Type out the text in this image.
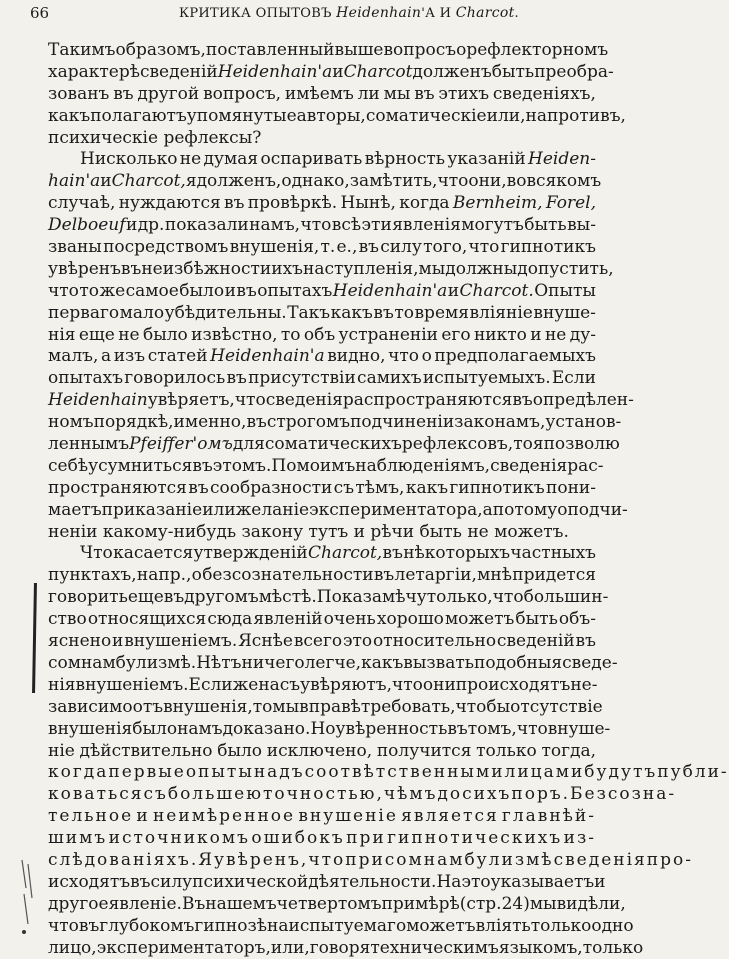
66	КРИТИКА ОПЫТОВЪ Heidenhain'А И Charcot.
Такимъ образомъ, поставленный выше вопросъ о рефлекторномъ
характерѣ сведеній Heidenhain'а и Charcot долженъ быть преобра-
зованъ въ другой вопросъ, имѣемъ ли мы въ этихъ сведеніяхъ,
какъ полагаютъ упомянутые авторы, соматическіе или, напротивъ,
психическіе рефлексы?
Нисколько не думая оспаривать вѣрность указаній Heiden-
hain'а и Charcot, я долженъ, однако, замѣтить, что они, во всякомъ
случаѣ, нуждаются въ провѣркѣ. Нынѣ, когда Bernheim, Forel,
Delboeuf и др. показали намъ, что всѣ эти явленія могутъ быть вы-
званы посредствомъ внушенія, т. е., въ силу того, что гипнотикъ
увѣренъ въ неизбѣжности ихъ наступленія, мы должны допустить,
что то же самое было и въ опытахъ Heidenhain'а и Charcot. Опыты
перваго мало убѣдительны. Такъ какъ въ то время вліяніе внуше-
нія еще не было извѣстно, то объ устраненіи его никто и не ду-
малъ, а изъ статей Heidenhain'а видно, что о предполагаемыхъ
опытахъ говорилось въ присутствіи самихъ испытуемыхъ. Если
Heidenhain увѣряетъ, что сведенія распространяются въ опредѣлен-
номъ порядкѣ, именно, въ строгомъ подчиненіи законамъ, установ-
леннымъ Pfeiffer'омъ для соматическихъ рефлексовъ, то я позволю
себѣ усумниться въ этомъ. По моимъ наблюденіямъ, сведенія рас-
пространяются въ сообразности съ тѣмъ, какъ гипнотикъ пони-
маетъ приказаніе или желаніе экспериментатора, а потому о подчи-
неніи какому-нибудь закону тутъ и рѣчи быть не можетъ.
Что касается утвержденій Charcot, въ нѣкоторыхъ частныхъ
пунктахъ, напр., о безсознательности въ летаргіи, мнѣ придется
говорить еще въ другомъ мѣстѣ. Пока замѣчу только, что большин-
ство относящихся сюда явленій очень хорошо можетъ быть объ-
яснено и внушеніемъ. Яснѣе всего это относительно сведеній въ
сомнамбулизмѣ. Нѣтъ ничего легче, какъ вызвать подобныя сведе-
нія внушеніемъ. Если же насъ увѣряютъ, что они происходятъ не-
зависимо отъ внушенія, то мы вправѣ требовать, чтобы отсутствіе
внушенія было намъ доказано. Но увѣренность въ томъ, что внуше-
ніе дѣйствительно было исключено, получится только тогда,
когда первые опыты надъ соотвѣтственными лицами будутъ публи-
коваться съ большею точностью, чѣмъ до сихъ поръ. Безсозна-
тельное и неимѣренное внушеніе является главнѣй-
шимъ источникомъ ошибокъ при гипнотическихъ из-
слѣдованіяхъ. Я увѣренъ, что при сомнамбулизмѣ сведенія про-
исходятъ въ силу психической дѣятельности. На это указываетъ и
другое явленіе. Въ нашемъ четвертомъ примѣрѣ (стр. 24) мы видѣли,
что въ глубокомъ гипнозѣ на испытуемаго можетъ вліять только одно
лицо, экспериментаторъ, или, говоря техническимъ языкомъ, только
